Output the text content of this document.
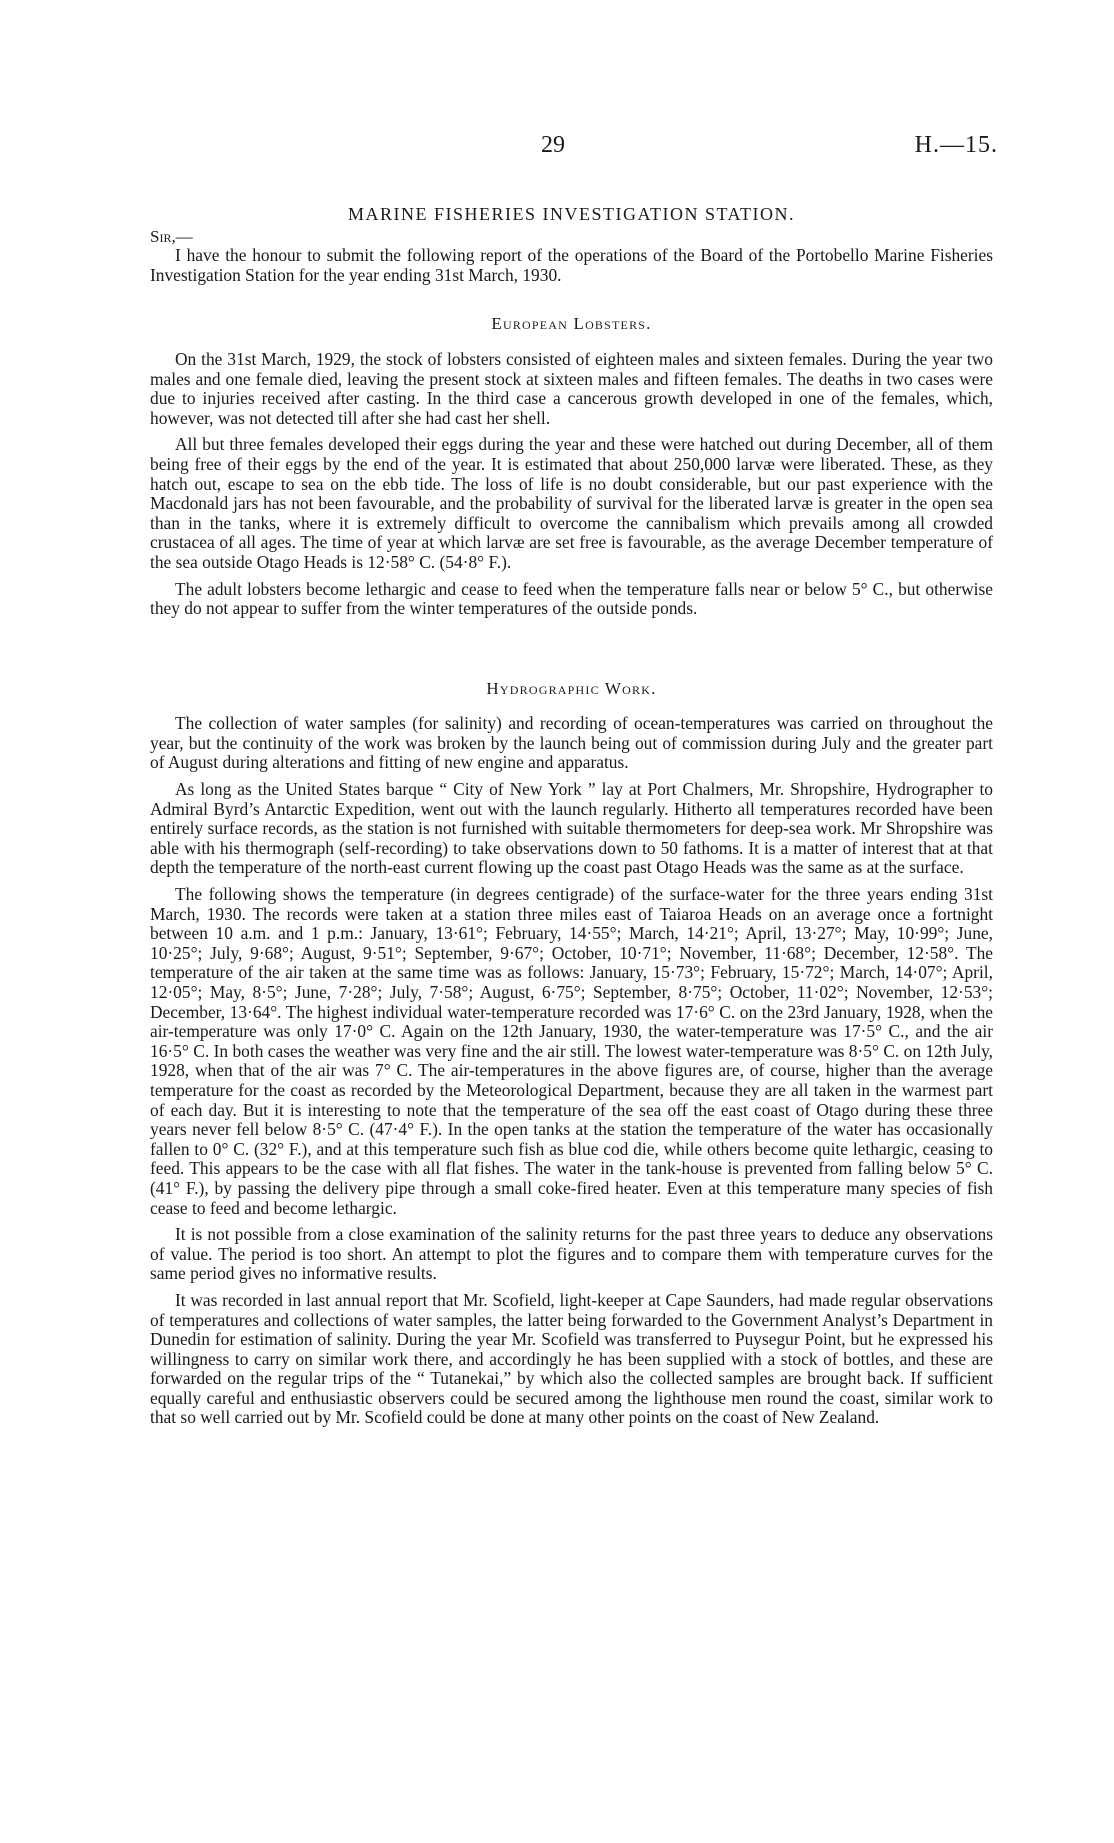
29	H.—15.
MARINE FISHERIES INVESTIGATION STATION.
Sir,—

I have the honour to submit the following report of the operations of the Board of the Portobello Marine Fisheries Investigation Station for the year ending 31st March, 1930.

European Lobsters.

On the 31st March, 1929, the stock of lobsters consisted of eighteen males and sixteen females. During the year two males and one female died, leaving the present stock at sixteen males and fifteen females. The deaths in two cases were due to injuries received after casting. In the third case a cancerous growth developed in one of the females, which, however, was not detected till after she had cast her shell.

All but three females developed their eggs during the year and these were hatched out during December, all of them being free of their eggs by the end of the year. It is estimated that about 250,000 larvæ were liberated. These, as they hatch out, escape to sea on the ebb tide. The loss of life is no doubt considerable, but our past experience with the Macdonald jars has not been favourable, and the probability of survival for the liberated larvæ is greater in the open sea than in the tanks, where it is extremely difficult to overcome the cannibalism which prevails among all crowded crustacea of all ages. The time of year at which larvæ are set free is favourable, as the average December temperature of the sea outside Otago Heads is 12·58° C. (54·8° F.).

The adult lobsters become lethargic and cease to feed when the temperature falls near or below 5° C., but otherwise they do not appear to suffer from the winter temperatures of the outside ponds.

Hydrographic Work.

The collection of water samples (for salinity) and recording of ocean-temperatures was carried on throughout the year, but the continuity of the work was broken by the launch being out of commission during July and the greater part of August during alterations and fitting of new engine and apparatus.

As long as the United States barque “ City of New York ” lay at Port Chalmers, Mr. Shropshire, Hydrographer to Admiral Byrd’s Antarctic Expedition, went out with the launch regularly. Hitherto all temperatures recorded have been entirely surface records, as the station is not furnished with suitable thermometers for deep-sea work. Mr Shropshire was able with his thermograph (self-recording) to take observations down to 50 fathoms. It is a matter of interest that at that depth the temperature of the north-east current flowing up the coast past Otago Heads was the same as at the surface.

The following shows the temperature (in degrees centigrade) of the surface-water for the three years ending 31st March, 1930. The records were taken at a station three miles east of Taiaroa Heads on an average once a fortnight between 10 a.m. and 1 p.m.: January, 13·61°; February, 14·55°; March, 14·21°; April, 13·27°; May, 10·99°; June, 10·25°; July, 9·68°; August, 9·51°; September, 9·67°; October, 10·71°; November, 11·68°; December, 12·58°. The temperature of the air taken at the same time was as follows: January, 15·73°; February, 15·72°; March, 14·07°; April, 12·05°; May, 8·5°; June, 7·28°; July, 7·58°; August, 6·75°; September, 8·75°; October, 11·02°; November, 12·53°; December, 13·64°. The highest individual water-temperature recorded was 17·6° C. on the 23rd January, 1928, when the air-temperature was only 17·0° C. Again on the 12th January, 1930, the water-temperature was 17·5° C., and the air 16·5° C. In both cases the weather was very fine and the air still. The lowest water-temperature was 8·5° C. on 12th July, 1928, when that of the air was 7° C. The air-temperatures in the above figures are, of course, higher than the average temperature for the coast as recorded by the Meteorological Department, because they are all taken in the warmest part of each day. But it is interesting to note that the temperature of the sea off the east coast of Otago during these three years never fell below 8·5° C. (47·4° F.). In the open tanks at the station the temperature of the water has occasionally fallen to 0° C. (32° F.), and at this temperature such fish as blue cod die, while others become quite lethargic, ceasing to feed. This appears to be the case with all flat fishes. The water in the tank-house is prevented from falling below 5° C. (41° F.), by passing the delivery pipe through a small coke-fired heater. Even at this temperature many species of fish cease to feed and become lethargic.

It is not possible from a close examination of the salinity returns for the past three years to deduce any observations of value. The period is too short. An attempt to plot the figures and to compare them with temperature curves for the same period gives no informative results.

It was recorded in last annual report that Mr. Scofield, light-keeper at Cape Saunders, had made regular observations of temperatures and collections of water samples, the latter being forwarded to the Government Analyst’s Department in Dunedin for estimation of salinity. During the year Mr. Scofield was transferred to Puysegur Point, but he expressed his willingness to carry on similar work there, and accordingly he has been supplied with a stock of bottles, and these are forwarded on the regular trips of the “ Tutanekai,” by which also the collected samples are brought back. If sufficient equally careful and enthusiastic observers could be secured among the lighthouse men round the coast, similar work to that so well carried out by Mr. Scofield could be done at many other points on the coast of New Zealand.
